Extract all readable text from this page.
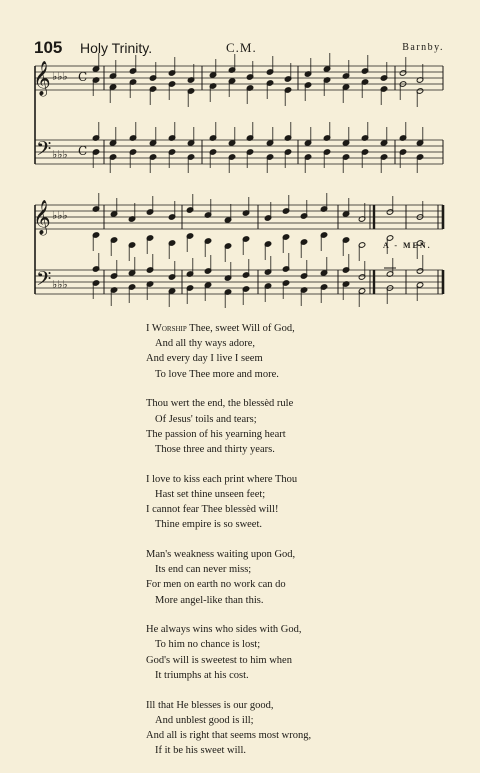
105 Holy Trinity.	C.M.	Barnby.
𝄞
𝄢
♭♭♭
♭♭♭
C
C
𝄞
𝄢
♭♭♭
♭♭♭
A - MEN.
I Worship Thee, sweet Will of God,
And all thy ways adore,
And every day I live I seem
To love Thee more and more.
Thou wert the end, the blessèd rule
Of Jesus' toils and tears;
The passion of his yearning heart
Those three and thirty years.
I love to kiss each print where Thou
Hast set thine unseen feet;
I cannot fear Thee blessèd will!
Thine empire is so sweet.
Man's weakness waiting upon God,
Its end can never miss;
For men on earth no work can do
More angel-like than this.
He always wins who sides with God,
To him no chance is lost;
God's will is sweetest to him when
It triumphs at his cost.
Ill that He blesses is our good,
And unblest good is ill;
And all is right that seems most wrong,
If it be his sweet will.
